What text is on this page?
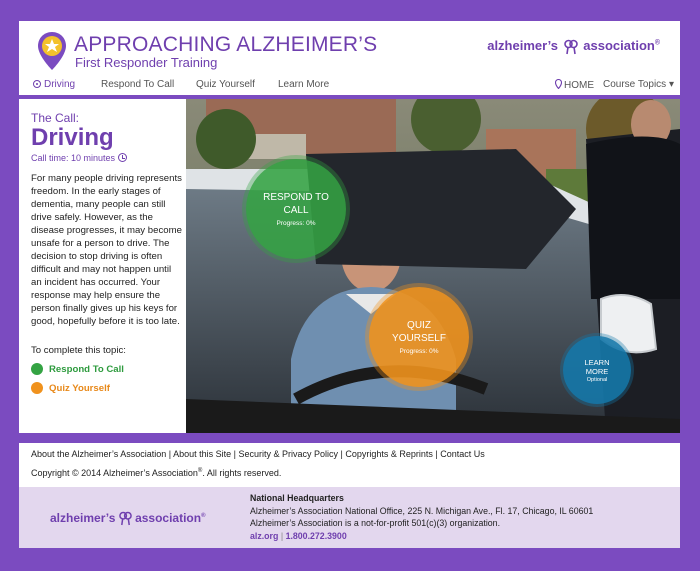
APPROACHING ALZHEIMER’S
First Responder Training
alzheimer’s association®
Driving	Respond To Call Quiz Yourself Learn More	HOME Course Topics ▾
The Call:
Driving
Call time: 10 minutes
For many people driving represents freedom. In the early stages of dementia, many people can still drive safely. However, as the disease progresses, it may become unsafe for a person to drive. The decision to stop driving is often difficult and may not happen until an incident has occurred. Your response may help ensure the person finally gives up his keys for good, hopefully before it is too late.
To complete this topic:
Respond To Call
Quiz Yourself
RESPOND TO CALL
Progress: 0%
QUIZ YOURSELF
Progress: 0%
LEARN MORE
Optional
About the Alzheimer’s Association | About this Site | Security & Privacy Policy | Copyrights & Reprints | Contact Us
Copyright © 2014 Alzheimer’s Association®. All rights reserved.
alzheimer’s association®
National Headquarters
Alzheimer’s Association National Office, 225 N. Michigan Ave., Fl. 17, Chicago, IL 60601
Alzheimer’s Association is a not-for-profit 501(c)(3) organization.
alz.org | 1.800.272.3900
